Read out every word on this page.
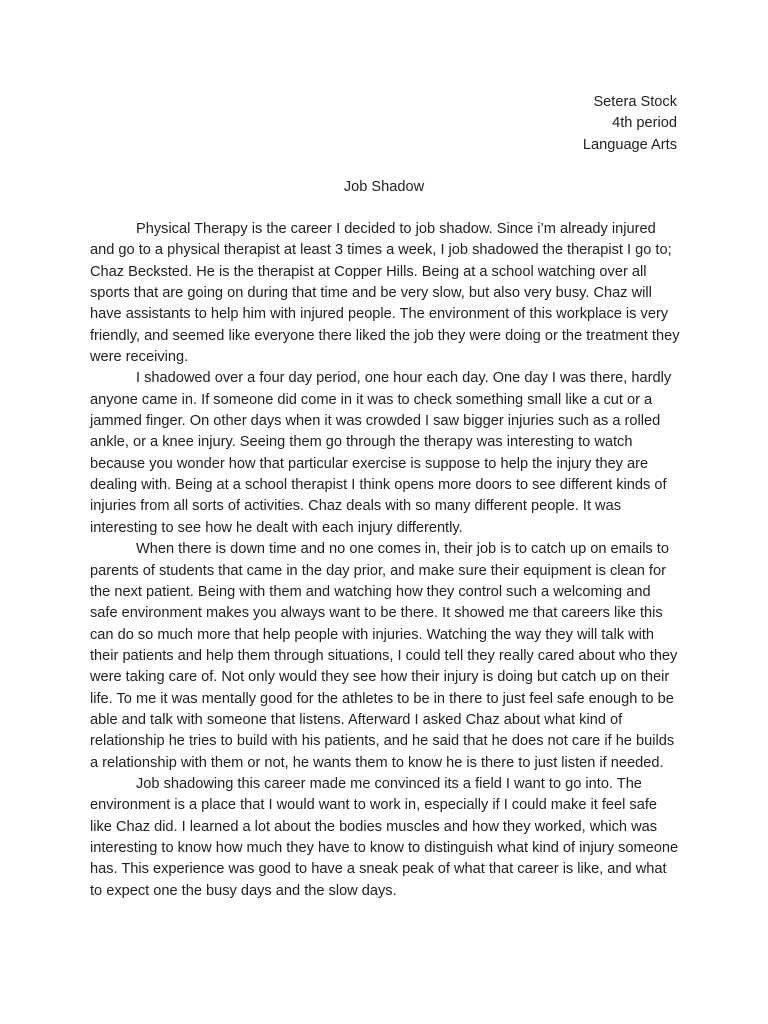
Setera Stock
4th period
Language Arts
Job Shadow

Physical Therapy is the career I decided to job shadow. Since i’m already injured and go to a physical therapist at least 3 times a week, I job shadowed the therapist I go to; Chaz Becksted. He is the therapist at Copper Hills. Being at a school watching over all sports that are going on during that time and be very slow, but also very busy. Chaz will have assistants to help him with injured people. The environment of this workplace is very friendly, and seemed like everyone there liked the job they were doing or the treatment they were receiving.

I shadowed over a four day period, one hour each day. One day I was there, hardly anyone came in. If someone did come in it was to check something small like a cut or a jammed finger. On other days when it was crowded I saw bigger injuries such as a rolled ankle, or a knee injury. Seeing them go through the therapy was interesting to watch because you wonder how that particular exercise is suppose to help the injury they are dealing with. Being at a school therapist I think opens more doors to see different kinds of injuries from all sorts of activities. Chaz deals with so many different people. It was interesting to see how he dealt with each injury differently.

When there is down time and no one comes in, their job is to catch up on emails to parents of students that came in the day prior, and make sure their equipment is clean for the next patient. Being with them and watching how they control such a welcoming and safe environment makes you always want to be there. It showed me that careers like this can do so much more that help people with injuries. Watching the way they will talk with their patients and help them through situations, I could tell they really cared about who they were taking care of. Not only would they see how their injury is doing but catch up on their life. To me it was mentally good for the athletes to be in there to just feel safe enough to be able and talk with someone that listens. Afterward I asked Chaz about what kind of relationship he tries to build with his patients, and he said that he does not care if he builds a relationship with them or not, he wants them to know he is there to just listen if needed.

Job shadowing this career made me convinced its a field I want to go into. The environment is a place that I would want to work in, especially if I could make it feel safe like Chaz did. I learned a lot about the bodies muscles and how they worked, which was interesting to know how much they have to know to distinguish what kind of injury someone has. This experience was good to have a sneak peak of what that career is like, and what to expect one the busy days and the slow days.
